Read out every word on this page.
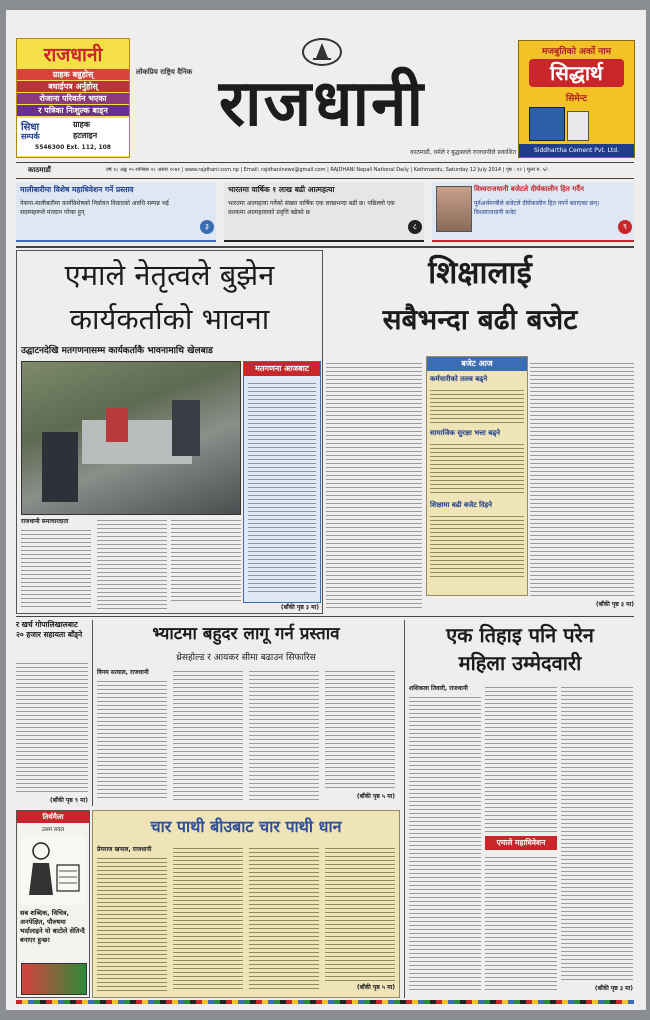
राजधानी
ग्राहक बन्नुहोस्
बधाईपत्र अर्नुहोस्
रोजाना परिवर्तन भएका
र पत्रिका निःशुल्क बाड्न
सिधा
सम्पर्क
ग्राहक
हटलाइन
5546300 Ext. 112, 108
लोकप्रिय राष्ट्रिय दैनिक राजधानी
काठमाडौं, धर्मले र बुद्धबलले राजधानीले प्रकाशित
मजबुतिको अर्को नाम
सिद्धार्थ
सिमेन्ट
Siddhartha Cement Pvt. Ltd.
काठमाडौं	वर्ष १८ अङ्क २५ शनिबार २८ असार २०७१ | www.rajdhani.com.np | Email: rajdhaninews@gmail.com | RAJDHANI Nepali National Daily | Kathmandu, Saturday 12 July 2014 | पृष्ठ : १२ | मूल्य रु. ५/-
मालीबारीमा विशेष महाधिवेशन गर्ने प्रस्ताव
नेकपा-मालीबारीमा कार्यविशेषको निर्वाचन विवादको अवधि सम्पन्न भई सदस्यहरूले मतदान गरेका हुन्
३
भारतमा वार्षिक १ लाख बढी आत्महत्या
भारतमा आत्महत्या गर्नेको संख्या वार्षिक एक लाखभन्दा बढी छ। पछिल्लो एक दशकमा आत्महत्याको प्रवृत्ति बढेको छ
८
विश्वराजधानी बजेटले दीर्घकालीन हित गर्दैन
पूर्वअर्थमन्त्रीले बजेटले दीर्घकालीन हित नगर्ने बताएका छन्। विश्वराजधानी बजेट
९
एमाले नेतृत्वले बुझेन
कार्यकर्ताको भावना
उद्घाटनदेखि मतगणनासम्म कार्यकर्ताकै भावनामाथि खेलबाड
मतगणना आजबाट
राजधानी समाचारदाता
(बाँकी पृष्ठ ३ मा)
शिक्षालाई
सबैभन्दा बढी बजेट
बजेट आज
कर्मचारीको तलब बढ्ने
सामाजिक सुरक्षा भत्ता बढ्ने
शिक्षामा बढी बजेट दिइने
(बाँकी पृष्ठ ३ मा)
र खर्च गोपालिखालबाट २० हजार सहायता बाँड्ने
(बाँकी पृष्ठ ९ मा)
भ्याटमा बहुदर लागू गर्न प्रस्ताव
थ्रेसहोल्ड र आयकर सीमा बढाउन सिफारिस
विनय सत्याल, राजधानी
(बाँकी पृष्ठ ५ मा)
एक तिहाइ पनि परेन
महिला उम्मेदवारी
शशिकला तिवारी, राजधानी
एमाले महाधिवेशन
(बाँकी पृष्ठ ३ मा)
तिर्थमैला
उत्तम रावल
सब शब्दिक, विचित्र, अनपेक्षित, पौरुषमा भर्दालाइने यो बाटोले सेतिन्दै बनाएर हुन्छ!
चार पाथी बीउबाट चार पाथी धान
प्रेमराज खनाल, राजधानी
(बाँकी पृष्ठ ५ मा)
